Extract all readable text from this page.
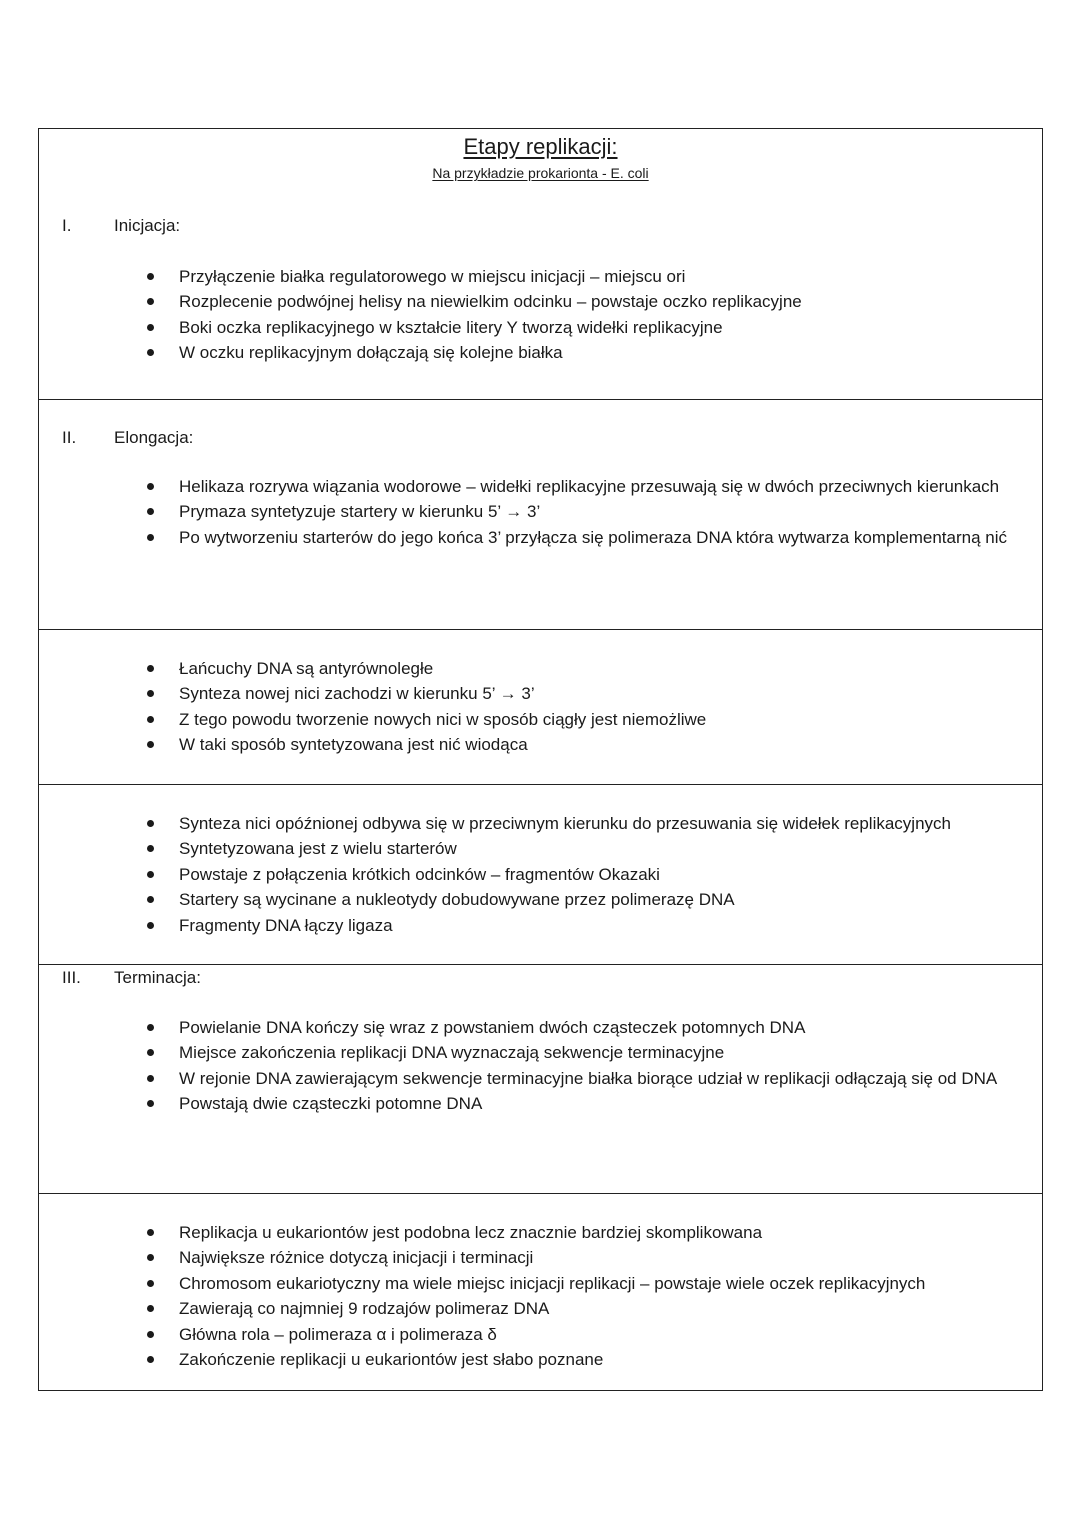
Etapy replikacji:
Na przykładzie prokarionta - E. coli
I.	Inicjacja:
Przyłączenie białka regulatorowego w miejscu inicjacji – miejscu ori
Rozplecenie podwójnej helisy na niewielkim odcinku – powstaje oczko replikacyjne
Boki oczka replikacyjnego w kształcie litery Y tworzą widełki replikacyjne
W oczku replikacyjnym dołączają się kolejne białka
II.	Elongacja:
Helikaza rozrywa wiązania wodorowe – widełki replikacyjne przesuwają się w dwóch przeciwnych kierunkach
Prymaza syntetyzuje startery w kierunku 5’ → 3’
Po wytworzeniu starterów do jego końca 3’ przyłącza się polimeraza DNA która wytwarza komplementarną nić
Łańcuchy DNA są antyrównoległe
Synteza nowej nici zachodzi w kierunku 5’ → 3’
Z tego powodu tworzenie nowych nici w sposób ciągły jest niemożliwe
W taki sposób syntetyzowana jest nić wiodąca
Synteza nici opóźnionej odbywa się w przeciwnym kierunku do przesuwania się widełek replikacyjnych
Syntetyzowana jest z wielu starterów
Powstaje z połączenia krótkich odcinków – fragmentów Okazaki
Startery są wycinane a nukleotydy dobudowywane przez polimerazę DNA
Fragmenty DNA łączy ligaza
III.	Terminacja:
Powielanie DNA kończy się wraz z powstaniem dwóch cząsteczek potomnych DNA
Miejsce zakończenia replikacji DNA wyznaczają sekwencje terminacyjne
W rejonie DNA zawierającym sekwencje terminacyjne białka biorące udział w replikacji odłączają się od DNA
Powstają dwie cząsteczki potomne DNA
Replikacja u eukariontów jest podobna lecz znacznie bardziej skomplikowana
Największe różnice dotyczą inicjacji i terminacji
Chromosom eukariotyczny ma wiele miejsc inicjacji replikacji – powstaje wiele oczek replikacyjnych
Zawierają co najmniej 9 rodzajów polimeraz DNA
Główna rola – polimeraza α i polimeraza δ
Zakończenie replikacji u eukariontów jest słabo poznane
